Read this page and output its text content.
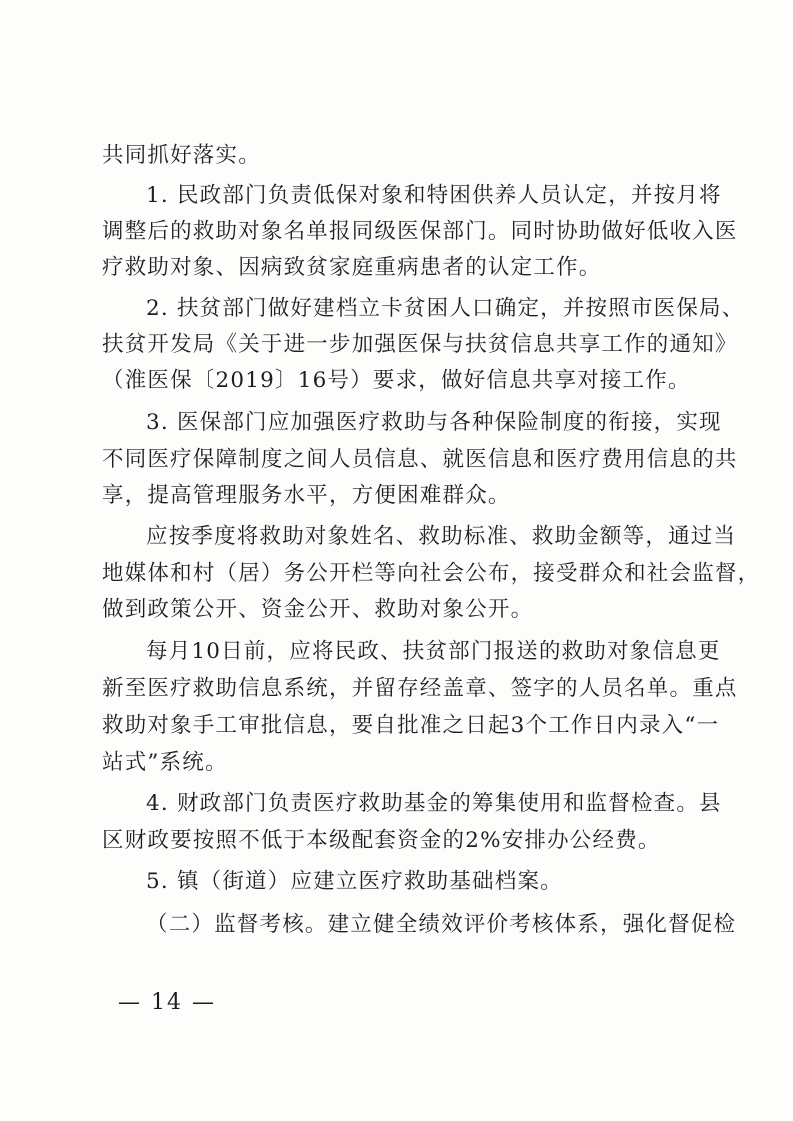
共同抓好落实。
1. 民政部门负责低保对象和特困供养人员认定，并按月将
调整后的救助对象名单报同级医保部门。同时协助做好低收入医
疗救助对象、因病致贫家庭重病患者的认定工作。
2. 扶贫部门做好建档立卡贫困人口确定，并按照市医保局、
扶贫开发局《关于进一步加强医保与扶贫信息共享工作的通知》
（淮医保〔2019〕16号）要求，做好信息共享对接工作。
3. 医保部门应加强医疗救助与各种保险制度的衔接，实现
不同医疗保障制度之间人员信息、就医信息和医疗费用信息的共
享，提高管理服务水平，方便困难群众。
应按季度将救助对象姓名、救助标准、救助金额等，通过当
地媒体和村（居）务公开栏等向社会公布，接受群众和社会监督，
做到政策公开、资金公开、救助对象公开。
每月10日前，应将民政、扶贫部门报送的救助对象信息更
新至医疗救助信息系统，并留存经盖章、签字的人员名单。重点
救助对象手工审批信息，要自批准之日起3个工作日内录入“一
站式”系统。
4. 财政部门负责医疗救助基金的筹集使用和监督检查。县
区财政要按照不低于本级配套资金的2%安排办公经费。
5. 镇（街道）应建立医疗救助基础档案。
（二）监督考核。建立健全绩效评价考核体系，强化督促检
— 14 —
